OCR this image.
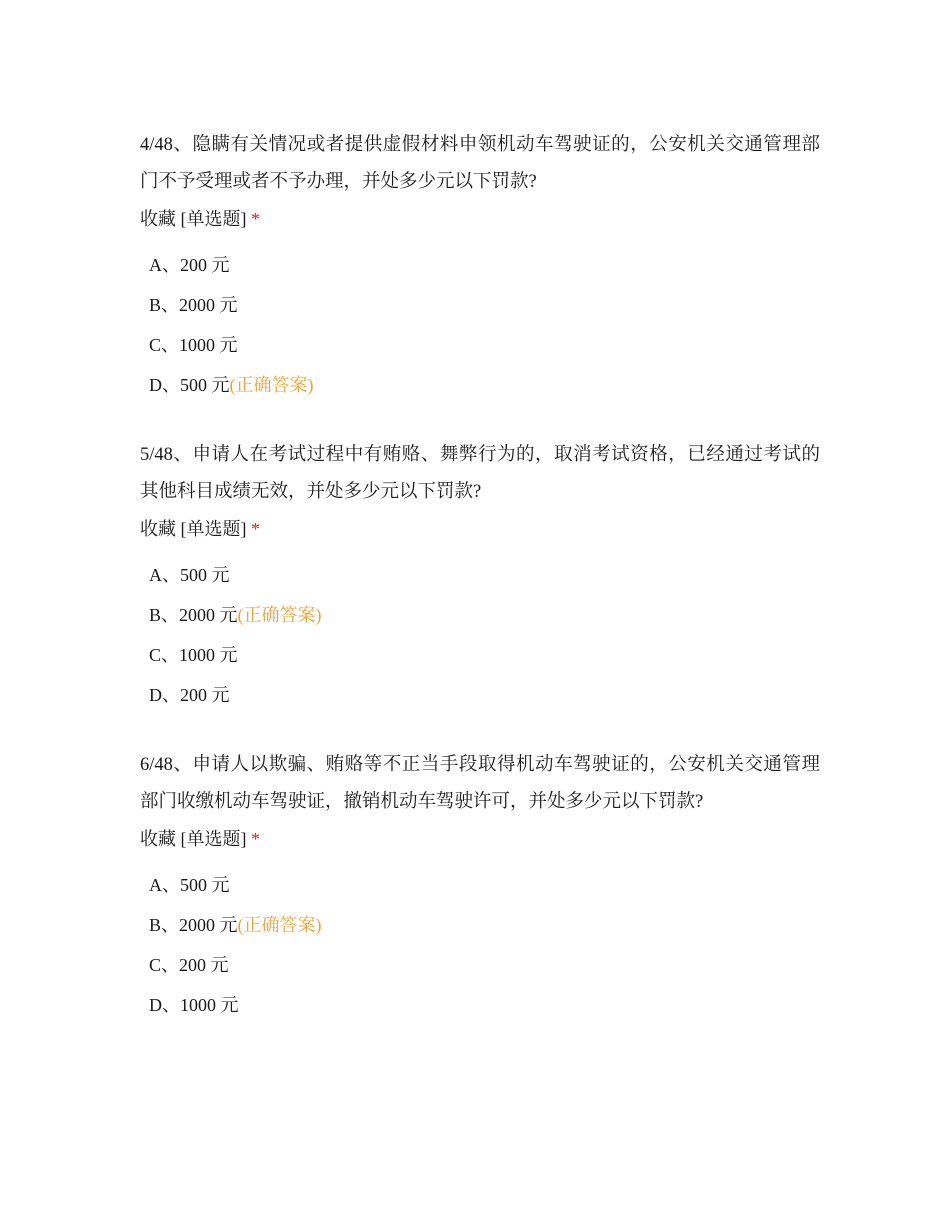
4/48、隐瞒有关情况或者提供虚假材料申领机动车驾驶证的，公安机关交通管理部门不予受理或者不予办理，并处多少元以下罚款?

收藏 [单选题] *

A、200 元
B、2000 元
C、1000 元
D、500 元(正确答案)

5/48、申请人在考试过程中有贿赂、舞弊行为的，取消考试资格，已经通过考试的其他科目成绩无效，并处多少元以下罚款?

收藏 [单选题] *

A、500 元
B、2000 元(正确答案)
C、1000 元
D、200 元

6/48、申请人以欺骗、贿赂等不正当手段取得机动车驾驶证的，公安机关交通管理部门收缴机动车驾驶证，撤销机动车驾驶许可，并处多少元以下罚款?

收藏 [单选题] *

A、500 元
B、2000 元(正确答案)
C、200 元
D、1000 元
